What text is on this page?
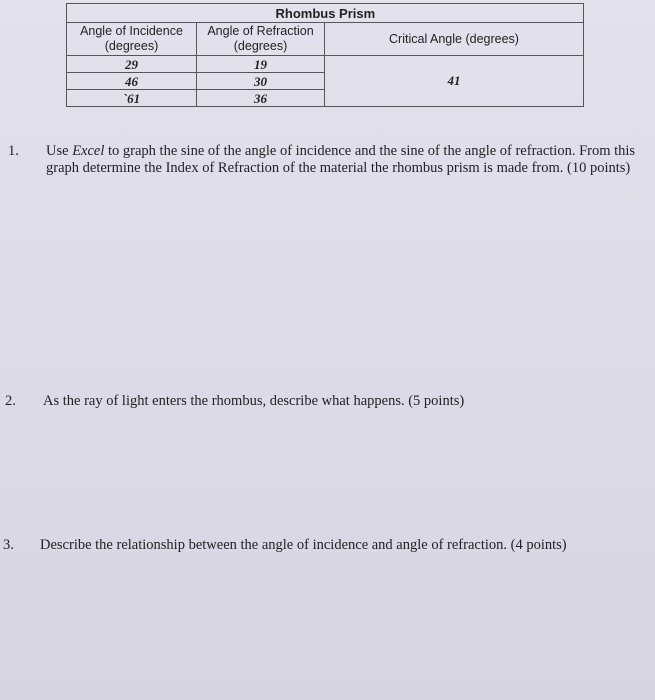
		Rhombus Prism
Angle of Incidence (degrees)	Angle of Refraction (degrees)	Critical Angle (degrees)
29	19	41
46	30	
`61	36	
1. Use Excel to graph the sine of the angle of incidence and the sine of the angle of refraction. From this graph determine the Index of Refraction of the material the rhombus prism is made from. (10 points)
2. As the ray of light enters the rhombus, describe what happens. (5 points)
3. Describe the relationship between the angle of incidence and angle of refraction. (4 points)
